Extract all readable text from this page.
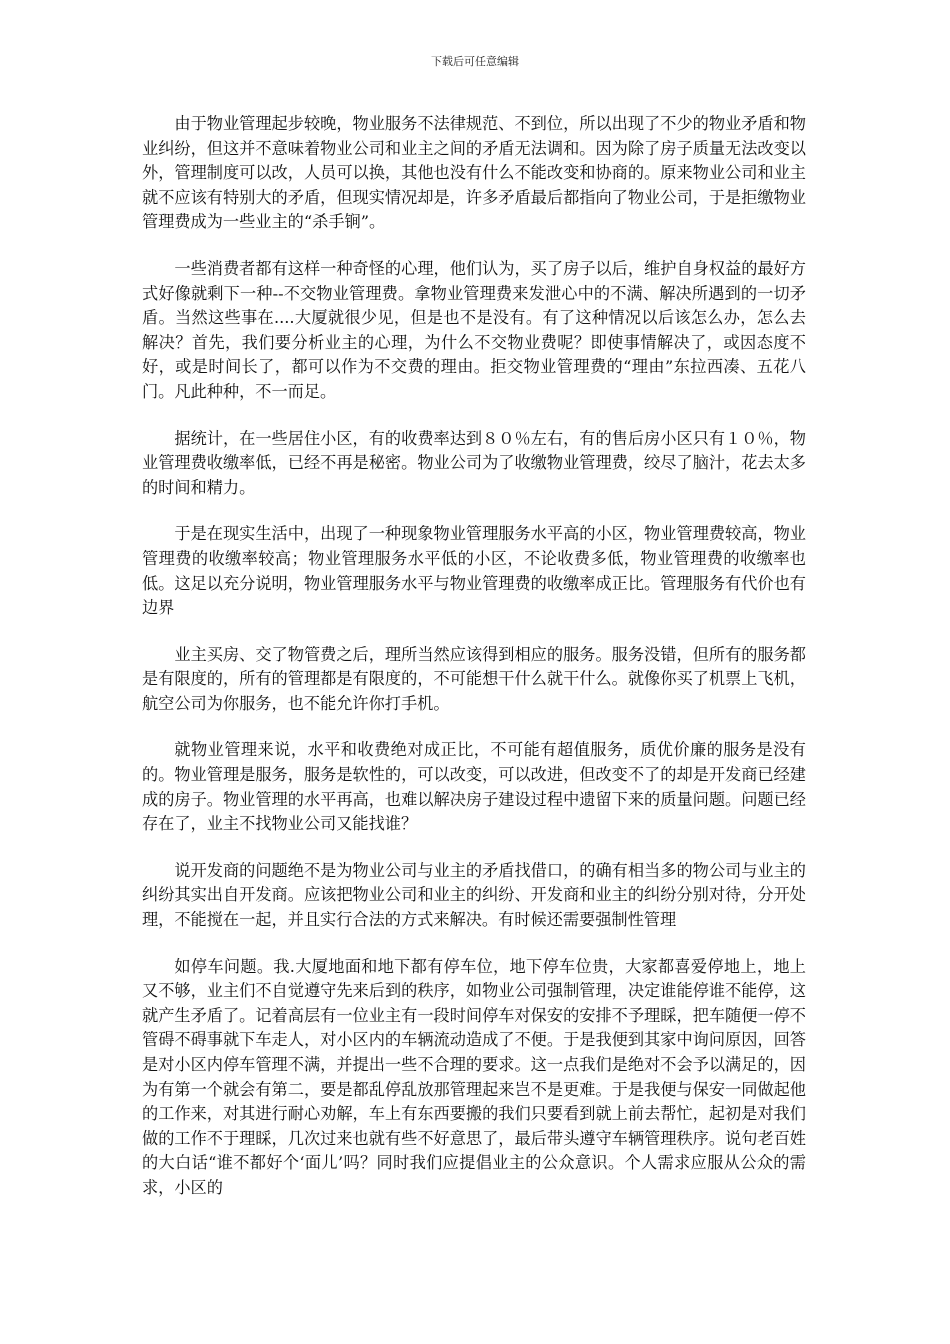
下载后可任意编辑

由于物业管理起步较晚，物业服务不法律规范、不到位，所以出现了不少的物业矛盾和物业纠纷，但这并不意味着物业公司和业主之间的矛盾无法调和。因为除了房子质量无法改变以外，管理制度可以改，人员可以换，其他也没有什么不能改变和协商的。原来物业公司和业主就不应该有特别大的矛盾，但现实情况却是，许多矛盾最后都指向了物业公司，于是拒缴物业管理费成为一些业主的“杀手锏”。

一些消费者都有这样一种奇怪的心理，他们认为，买了房子以后，维护自身权益的最好方式好像就剩下一种--不交物业管理费。拿物业管理费来发泄心中的不满、解决所遇到的一切矛盾。当然这些事在....大厦就很少见，但是也不是没有。有了这种情况以后该怎么办，怎么去解决？首先，我们要分析业主的心理，为什么不交物业费呢？即使事情解决了，或因态度不好，或是时间长了，都可以作为不交费的理由。拒交物业管理费的“理由”东拉西凑、五花八门。凡此种种，不一而足。

据统计，在一些居住小区，有的收费率达到８０％左右，有的售后房小区只有１０％，物业管理费收缴率低，已经不再是秘密。物业公司为了收缴物业管理费，绞尽了脑汁，花去太多的时间和精力。

于是在现实生活中，出现了一种现象物业管理服务水平高的小区，物业管理费较高，物业管理费的收缴率较高；物业管理服务水平低的小区，不论收费多低，物业管理费的收缴率也低。这足以充分说明，物业管理服务水平与物业管理费的收缴率成正比。管理服务有代价也有边界

业主买房、交了物管费之后，理所当然应该得到相应的服务。服务没错，但所有的服务都是有限度的，所有的管理都是有限度的，不可能想干什么就干什么。就像你买了机票上飞机，航空公司为你服务，也不能允许你打手机。

就物业管理来说，水平和收费绝对成正比，不可能有超值服务，质优价廉的服务是没有的。物业管理是服务，服务是软性的，可以改变，可以改进，但改变不了的却是开发商已经建成的房子。物业管理的水平再高，也难以解决房子建设过程中遗留下来的质量问题。问题已经存在了，业主不找物业公司又能找谁？

说开发商的问题绝不是为物业公司与业主的矛盾找借口，的确有相当多的物公司与业主的纠纷其实出自开发商。应该把物业公司和业主的纠纷、开发商和业主的纠纷分别对待，分开处理，不能搅在一起，并且实行合法的方式来解决。有时候还需要强制性管理

如停车问题。我.大厦地面和地下都有停车位，地下停车位贵，大家都喜爱停地上，地上又不够，业主们不自觉遵守先来后到的秩序，如物业公司强制管理，决定谁能停谁不能停，这就产生矛盾了。记着高层有一位业主有一段时间停车对保安的安排不予理睬，把车随便一停不管碍不碍事就下车走人，对小区内的车辆流动造成了不便。于是我便到其家中询问原因，回答是对小区内停车管理不满，并提出一些不合理的要求。这一点我们是绝对不会予以满足的，因为有第一个就会有第二，要是都乱停乱放那管理起来岂不是更难。于是我便与保安一同做起他的工作来，对其进行耐心劝解，车上有东西要搬的我们只要看到就上前去帮忙，起初是对我们做的工作不于理睬，几次过来也就有些不好意思了，最后带头遵守车辆管理秩序。说句老百姓的大白话“谁不都好个‘面儿’吗？同时我们应提倡业主的公众意识。个人需求应服从公众的需求，小区的
